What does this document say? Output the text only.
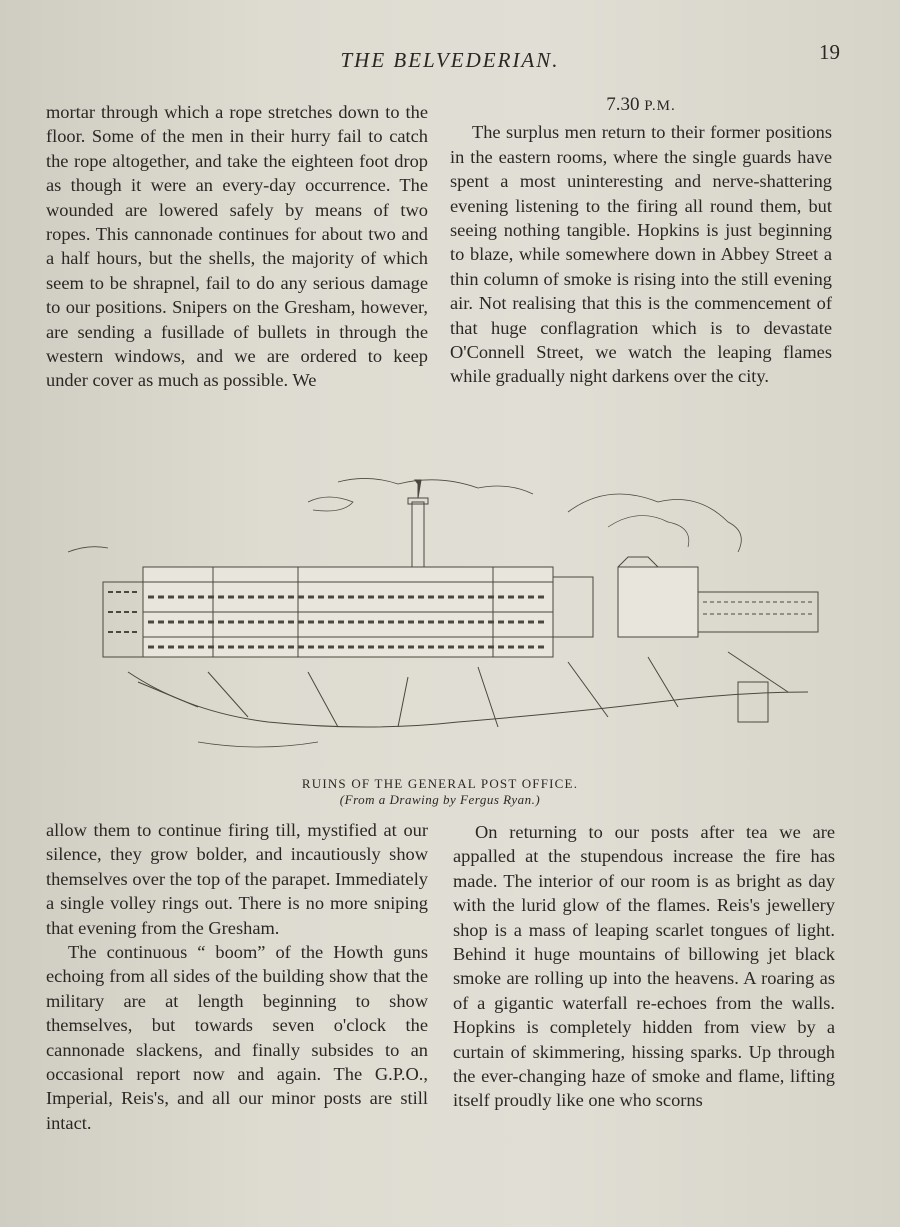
THE BELVEDERIAN.	19

mortar through which a rope stretches down to the floor. Some of the men in their hurry fail to catch the rope altogether, and take the eighteen foot drop as though it were an every-day occurrence. The wounded are lowered safely by means of two ropes. This cannonade continues for about two and a half hours, but the shells, the majority of which seem to be shrapnel, fail to do any serious damage to our positions. Snipers on the Gresham, however, are sending a fusillade of bullets in through the western windows, and we are ordered to keep under cover as much as possible. We

7.30 P.M.

The surplus men return to their former positions in the eastern rooms, where the single guards have spent a most uninteresting and nerve-shattering evening listening to the firing all round them, but seeing nothing tangible. Hopkins is just beginning to blaze, while somewhere down in Abbey Street a thin column of smoke is rising into the still evening air. Not realising that this is the commencement of that huge conflagration which is to devastate O'Connell Street, we watch the leaping flames while gradually night darkens over the city.

RUINS OF THE GENERAL POST OFFICE.
(From a Drawing by Fergus Ryan.)

allow them to continue firing till, mystified at our silence, they grow bolder, and incautiously show themselves over the top of the parapet. Immediately a single volley rings out. There is no more sniping that evening from the Gresham.

The continuous “ boom” of the Howth guns echoing from all sides of the building show that the military are at length beginning to show themselves, but towards seven o'clock the cannonade slackens, and finally subsides to an occasional report now and again. The G.P.O., Imperial, Reis's, and all our minor posts are still intact.

On returning to our posts after tea we are appalled at the stupendous increase the fire has made. The interior of our room is as bright as day with the lurid glow of the flames. Reis's jewellery shop is a mass of leaping scarlet tongues of light. Behind it huge mountains of billowing jet black smoke are rolling up into the heavens. A roaring as of a gigantic waterfall re-echoes from the walls. Hopkins is completely hidden from view by a curtain of skimmering, hissing sparks. Up through the ever-changing haze of smoke and flame, lifting itself proudly like one who scorns
